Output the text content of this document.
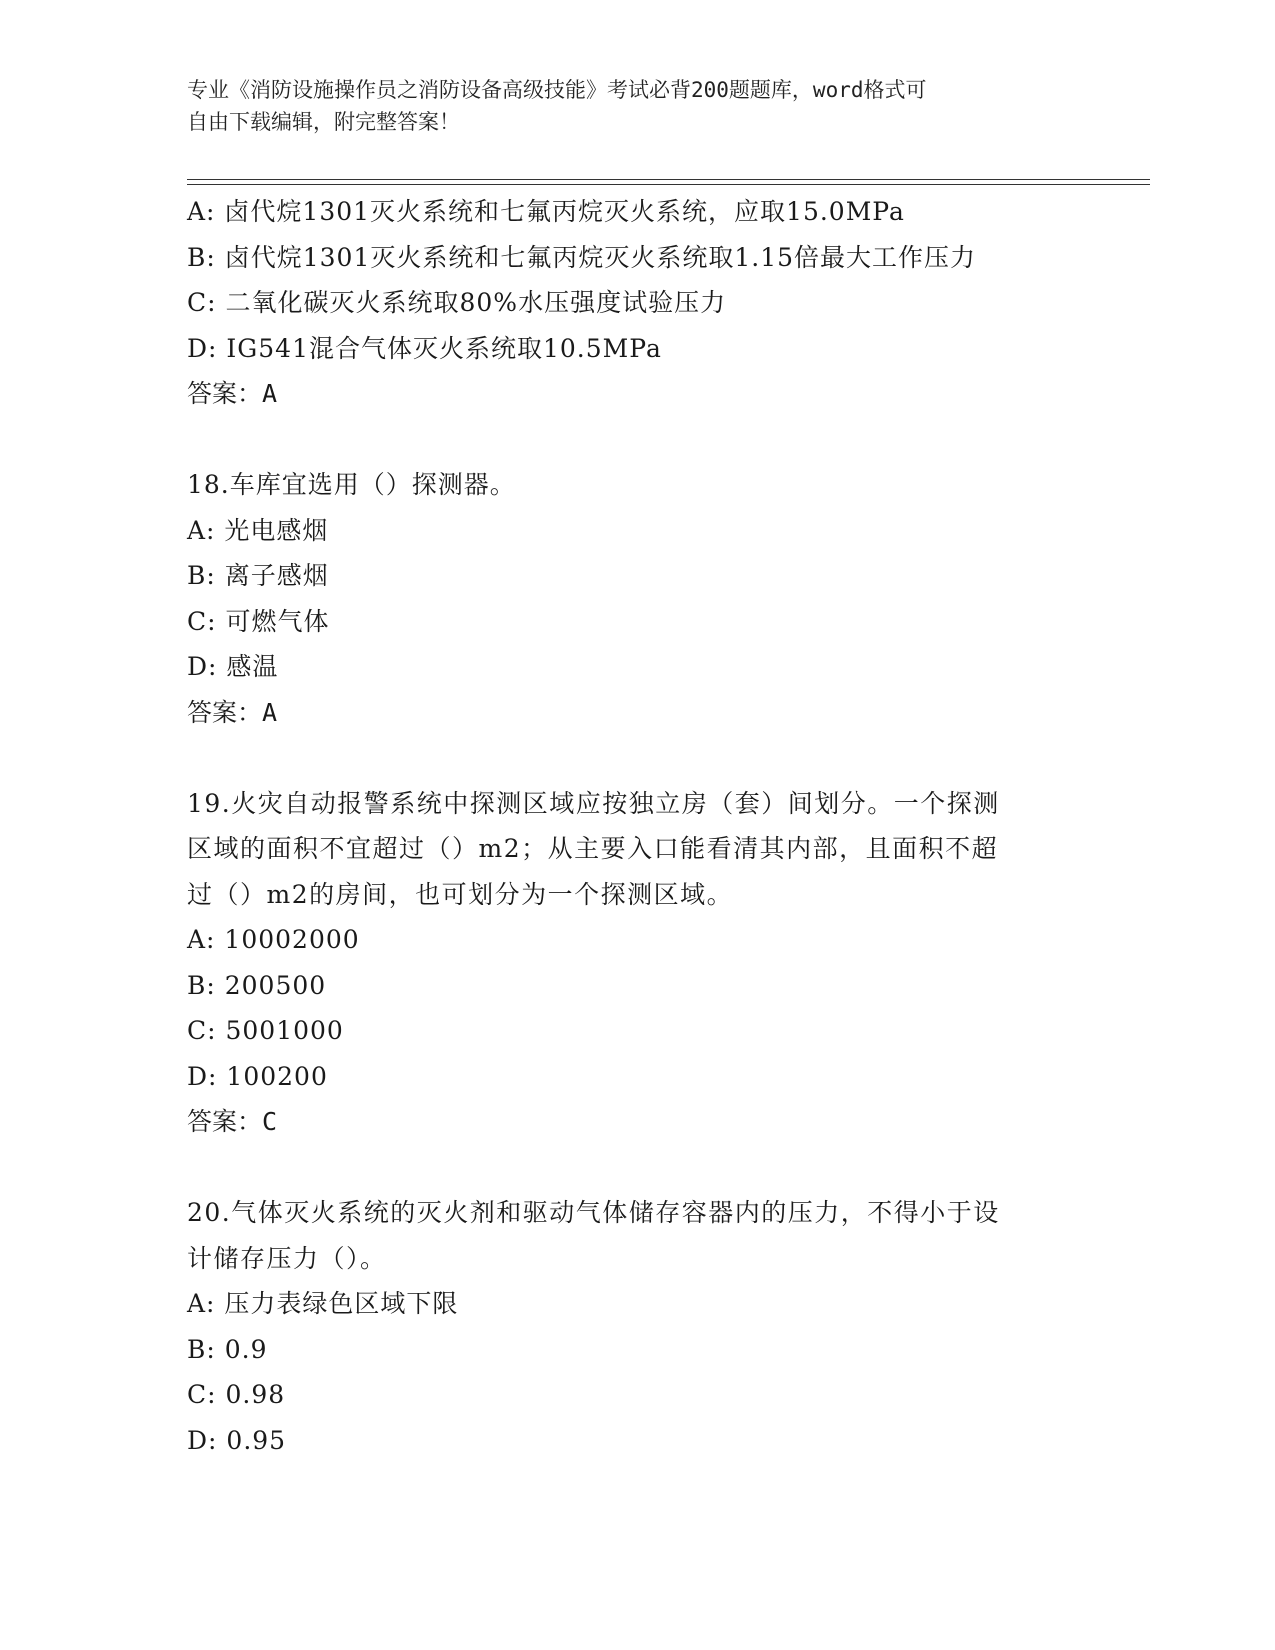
专业《消防设施操作员之消防设备高级技能》考试必背200题题库，word格式可
自由下载编辑，附完整答案！
A: 卤代烷1301灭火系统和七氟丙烷灭火系统，应取15.0MPa
B: 卤代烷1301灭火系统和七氟丙烷灭火系统取1.15倍最大工作压力
C: 二氧化碳灭火系统取80%水压强度试验压力
D: IG541混合气体灭火系统取10.5MPa
答案：A
18.车库宜选用（）探测器。
A: 光电感烟
B: 离子感烟
C: 可燃气体
D: 感温
答案：A
19.火灾自动报警系统中探测区域应按独立房（套）间划分。一个探测
区域的面积不宜超过（）m2；从主要入口能看清其内部，且面积不超
过（）m2的房间，也可划分为一个探测区域。
A: 10002000
B: 200500
C: 5001000
D: 100200
答案：C
20.气体灭火系统的灭火剂和驱动气体储存容器内的压力，不得小于设
计储存压力（）。
A: 压力表绿色区域下限
B: 0.9
C: 0.98
D: 0.95
